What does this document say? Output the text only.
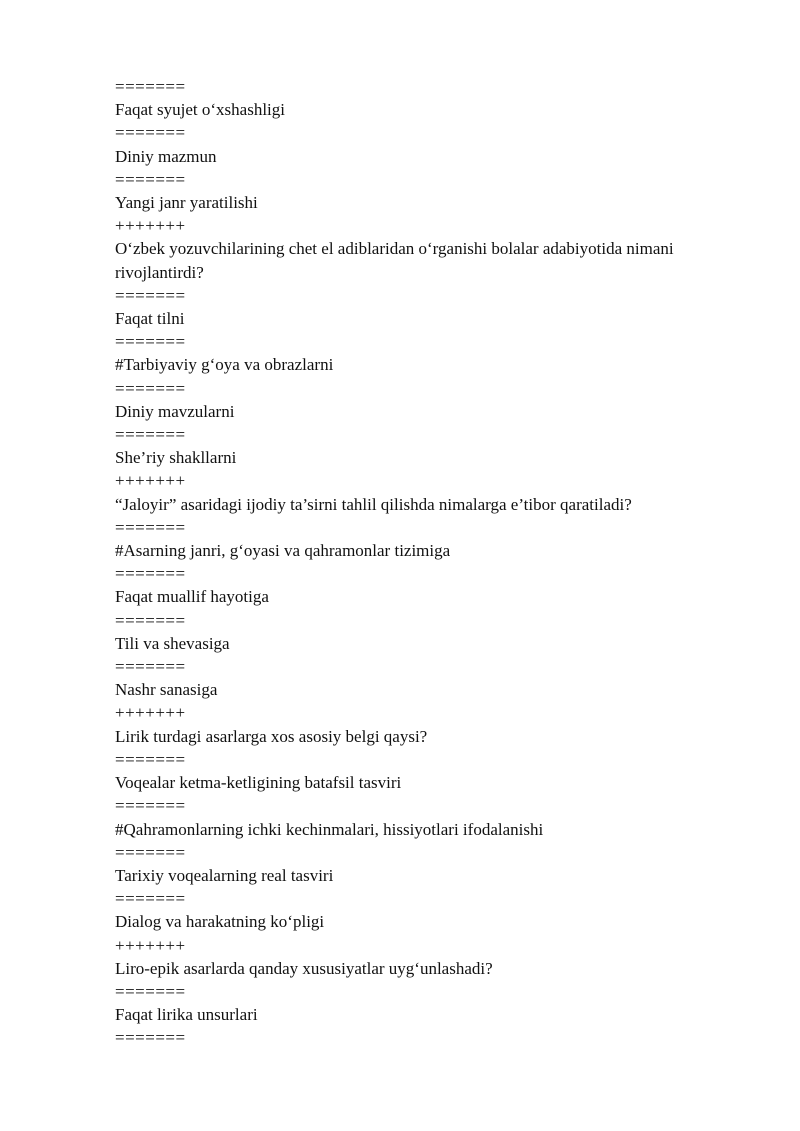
=======
Faqat syujet o‘xshashligi
=======
Diniy mazmun
=======
Yangi janr yaratilishi
+++++++
O‘zbek yozuvchilarining chet el adiblaridan o‘rganishi bolalar adabiyotida nimani rivojlantirdi?
=======
Faqat tilni
=======
#Tarbiyaviy g‘oya va obrazlarni
=======
Diniy mavzularni
=======
She’riy shakllarni
+++++++
“Jaloyir” asaridagi ijodiy ta’sirni tahlil qilishda nimalarga e’tibor qaratiladi?
=======
#Asarning janri, g‘oyasi va qahramonlar tizimiga
=======
Faqat muallif hayotiga
=======
Tili va shevasiga
=======
Nashr sanasiga
+++++++
Lirik turdagi asarlarga xos asosiy belgi qaysi?
=======
Voqealar ketma-ketligining batafsil tasviri
=======
#Qahramonlarning ichki kechinmalari, hissiyotlari ifodalanishi
=======
Tarixiy voqealarning real tasviri
=======
Dialog va harakatning ko‘pligi
+++++++
Liro-epik asarlarda qanday xususiyatlar uyg‘unlashadi?
=======
Faqat lirika unsurlari
=======
